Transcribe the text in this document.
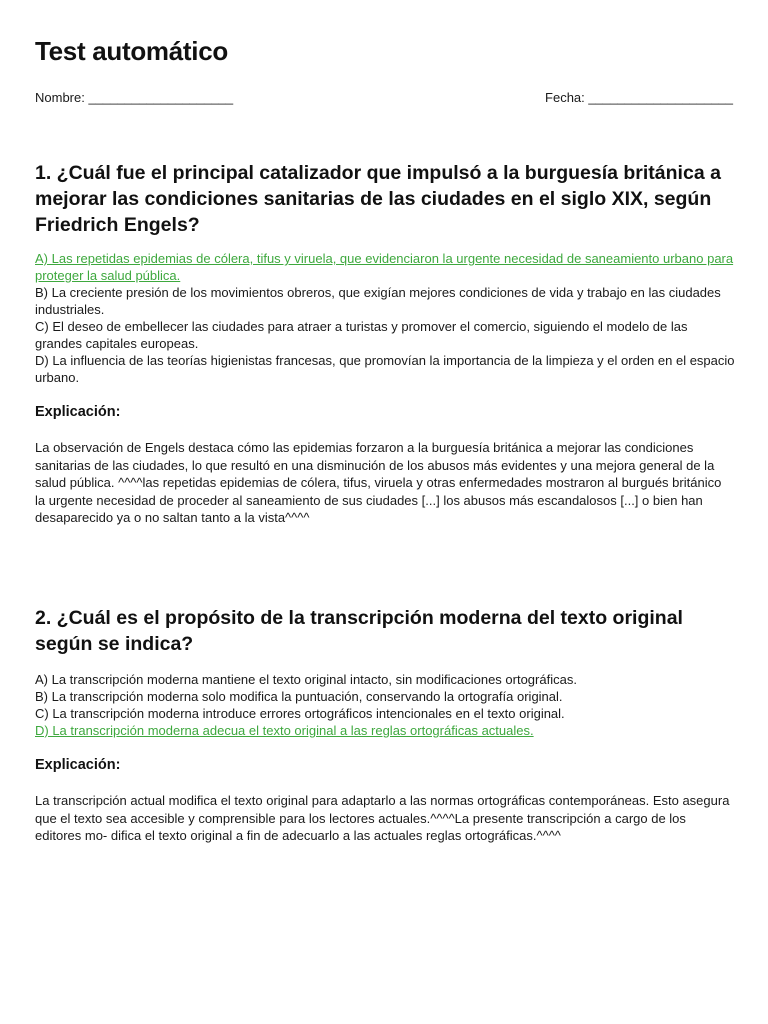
Test automático
Nombre: ____________________	Fecha: ____________________
1. ¿Cuál fue el principal catalizador que impulsó a la burguesía británica a mejorar las condiciones sanitarias de las ciudades en el siglo XIX, según Friedrich Engels?

A) Las repetidas epidemias de cólera, tifus y viruela, que evidenciaron la urgente necesidad de saneamiento urbano para proteger la salud pública.

B) La creciente presión de los movimientos obreros, que exigían mejores condiciones de vida y trabajo en las ciudades industriales.

C) El deseo de embellecer las ciudades para atraer a turistas y promover el comercio, siguiendo el modelo de las grandes capitales europeas.

D) La influencia de las teorías higienistas francesas, que promovían la importancia de la limpieza y el orden en el espacio urbano.

Explicación:

La observación de Engels destaca cómo las epidemias forzaron a la burguesía británica a mejorar las condiciones sanitarias de las ciudades, lo que resultó en una disminución de los abusos más evidentes y una mejora general de la salud pública. ^^^^las repetidas epidemias de cólera, tifus, viruela y otras enfermedades mostraron al burgués británico la urgente necesidad de proceder al saneamiento de sus ciudades [...] los abusos más escandalosos [...] o bien han desaparecido ya o no saltan tanto a la vista^^^^

2. ¿Cuál es el propósito de la transcripción moderna del texto original según se indica?

A) La transcripción moderna mantiene el texto original intacto, sin modificaciones ortográficas.

B) La transcripción moderna solo modifica la puntuación, conservando la ortografía original.

C) La transcripción moderna introduce errores ortográficos intencionales en el texto original.

D) La transcripción moderna adecua el texto original a las reglas ortográficas actuales.

Explicación:

La transcripción actual modifica el texto original para adaptarlo a las normas ortográficas contemporáneas. Esto asegura que el texto sea accesible y comprensible para los lectores actuales.^^^^La presente transcripción a cargo de los editores mo- difica el texto original a fin de adecuarlo a las actuales reglas ortográficas.^^^^
